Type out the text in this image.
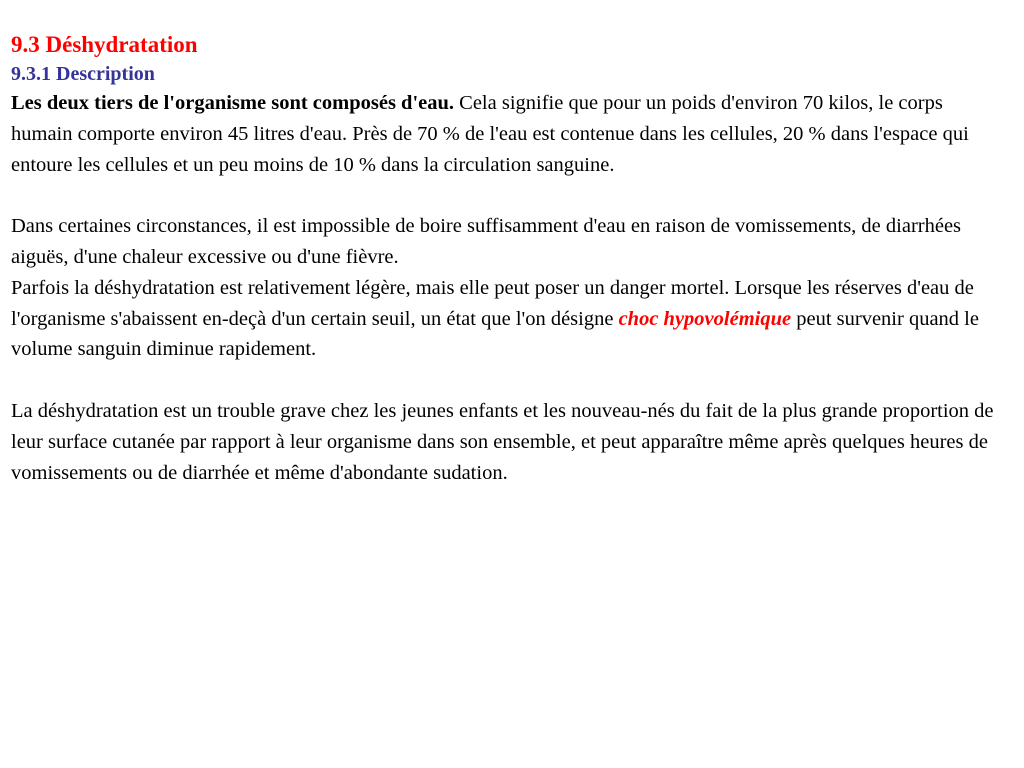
9.3 Déshydratation
9.3.1 Description

Les deux tiers de l'organisme sont composés d'eau. Cela signifie que pour un poids d'environ 70 kilos, le corps humain comporte environ 45 litres d'eau. Près de 70 % de l'eau est contenue dans les cellules, 20 % dans l'espace qui entoure les cellules et un peu moins de 10 % dans la circulation sanguine.

Dans certaines circonstances, il est impossible de boire suffisamment d'eau en raison de vomissements, de diarrhées aiguës, d'une chaleur excessive ou d'une fièvre.

Parfois la déshydratation est relativement légère, mais elle peut poser un danger mortel. Lorsque les réserves d'eau de l'organisme s'abaissent en-deçà d'un certain seuil, un état que l'on désigne choc hypovolémique peut survenir quand le volume sanguin diminue rapidement.

La déshydratation est un trouble grave chez les jeunes enfants et les nouveau-nés du fait de la plus grande proportion de leur surface cutanée par rapport à leur organisme dans son ensemble, et peut apparaître même après quelques heures de vomissements ou de diarrhée et même d'abondante sudation.
